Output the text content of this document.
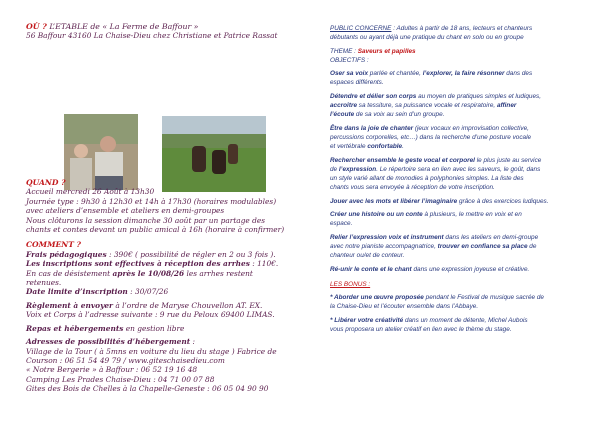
OÙ ? L’ETABLE de « La Ferme de Baffour »
56 Baffour 43160 La Chaise-Dieu chez Christiane et Patrice Rassat
QUAND ?
Accueil mercredi 26 Août à 13h30
Journée type : 9h30 à 12h30 et 14h à 17h30 (horaires modulables)
avec ateliers d’ensemble et ateliers en demi-groupes
Nous clôturons la session dimanche 30 août par un partage des
chants et contes devant un public amical à 16h (horaire à confirmer)
COMMENT ?
Frais pédagogiques : 390€ ( possibilité de régler en 2 ou 3 fois ).
Les inscriptions sont effectives à réception des arrhes : 110€.
En cas de désistement après le 10/08/26 les arrhes restent
retenues.
Date limite d’inscription : 30/07/26
Règlement à envoyer à l’ordre de Maryse Chouvellon AT. EX.
Voix et Corps à l’adresse suivante : 9 rue du Peloux 69400 LIMAS.
Repas et hébergements en gestion libre
Adresses de possibilités d’hébergement :
Village de la Tour ( à 5mns en voiture du lieu du stage ) Fabrice de
Courson : 06 51 54 49 79 / www.giteschaisedieu.com
« Notre Bergerie » à Baffour : 06 52 19 16 48
Camping Les Prades Chaise-Dieu : 04 71 00 07 88
Gites des Bois de Chelles à la Chapelle-Geneste : 06 05 04 90 90
PUBLIC CONCERNE : Adultes à partir de 18 ans, lecteurs et chanteurs
débutants ou ayant déjà une pratique du chant en solo ou en groupe
THEME : Saveurs et papilles
OBJECTIFS :
Oser sa voix parlée et chantée, l’explorer, la faire résonner dans des
espaces différents.
Détendre et délier son corps au moyen de pratiques simples et ludiques,
accroître sa tessiture, sa puissance vocale et respiratoire, affiner
l’écoute de sa voix au sein d’un groupe.
Être dans la joie de chanter (jeux vocaux en improvisation collective,
percussions corporelles, etc…) dans la recherche d’une posture vocale
et vertébrale confortable.
Rechercher ensemble le geste vocal et corporel le plus juste au service
de l’expression. Le répertoire sera en lien avec les saveurs, le goût, dans
un style varié allant de monodies à polyphonies simples. La liste des
chants vous sera envoyée à réception de votre inscription.
Jouer avec les mots et libérer l’imaginaire grâce à des exercices ludiques.
Créer une histoire ou un conte à plusieurs, le mettre en voix et en
espace.
Relier l’expression voix et instrument dans les ateliers en demi-groupe
avec notre pianiste accompagnatrice, trouver en confiance sa place de
chanteur ou/et de conteur.
Ré-unir le conte et le chant dans une expression joyeuse et créative.
LES BONUS :
* Aborder une œuvre proposée pendant le Festival de musique sacrée de
la Chaise-Dieu et l’écouter ensemble dans l’Abbaye.
* Libérer votre créativité dans un moment de détente, Michel Aubois
vous proposera un atelier créatif en lien avec le thème du stage.
